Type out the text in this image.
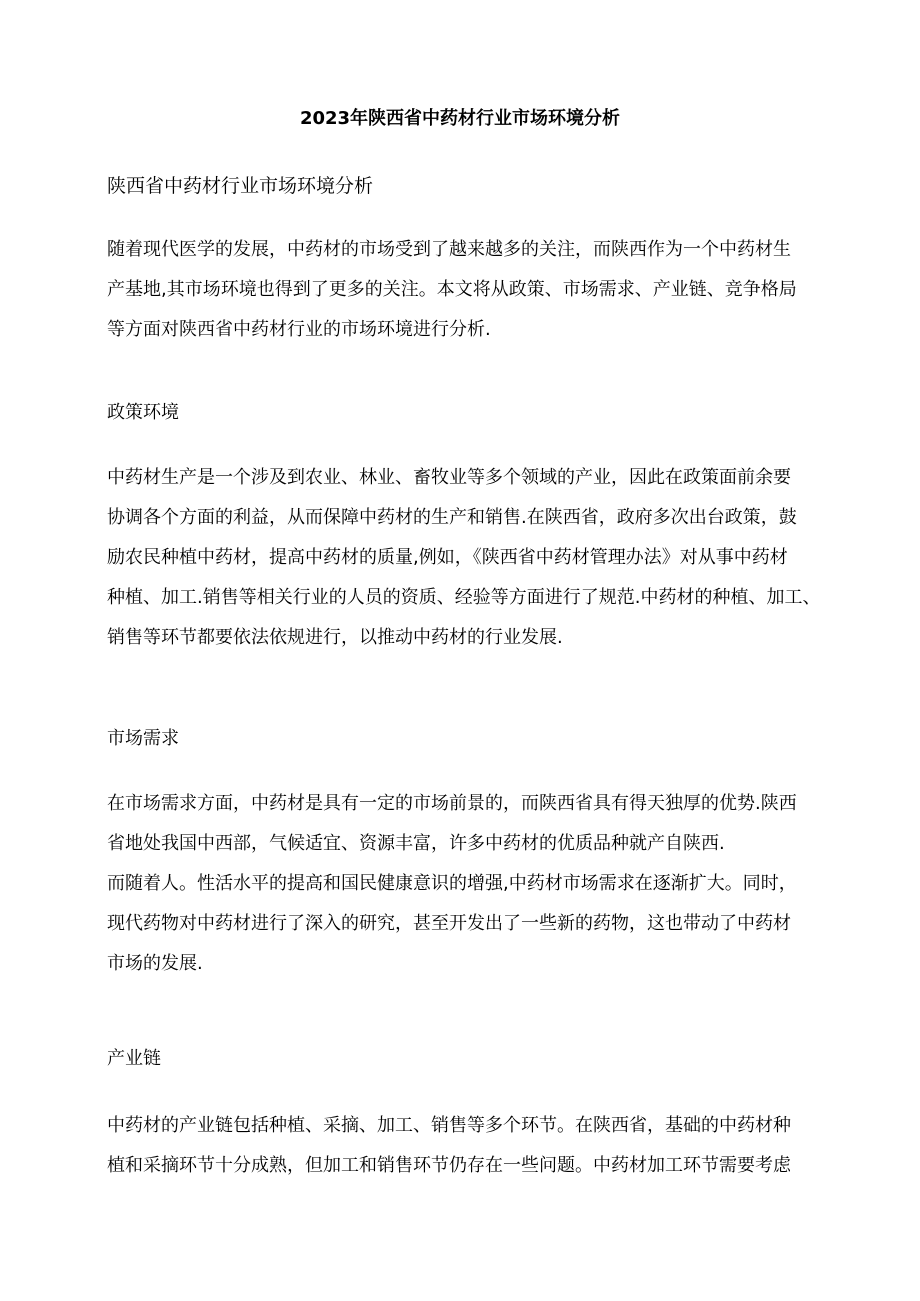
2023年陕西省中药材行业市场环境分析
陕西省中药材行业市场环境分析

随着现代医学的发展，中药材的市场受到了越来越多的关注，而陕西作为一个中药材生
产基地,其市场环境也得到了更多的关注。本文将从政策、市场需求、产业链、竞争格局
等方面对陕西省中药材行业的市场环境进行分析.

政策环境

中药材生产是一个涉及到农业、林业、畜牧业等多个领域的产业，因此在政策面前余要
协调各个方面的利益，从而保障中药材的生产和销售.在陕西省，政府多次出台政策，鼓
励农民种植中药材，提高中药材的质量,例如，《陕西省中药材管理办法》对从事中药材
种植、加工.销售等相关行业的人员的资质、经验等方面进行了规范.中药材的种植、加工、
销售等环节都要依法依规进行，以推动中药材的行业发展.

市场需求

在市场需求方面，中药材是具有一定的市场前景的，而陕西省具有得天独厚的优势.陕西
省地处我国中西部，气候适宜、资源丰富，许多中药材的优质品种就产自陕西.
而随着人。性活水平的提高和国民健康意识的增强,中药材市场需求在逐渐扩大。同时，
现代药物对中药材进行了深入的研究，甚至开发出了一些新的药物，这也带动了中药材
市场的发展.

产业链

中药材的产业链包括种植、采摘、加工、销售等多个环节。在陕西省，基础的中药材种
植和采摘环节十分成熟，但加工和销售环节仍存在一些问题。中药材加工环节需要考虑
